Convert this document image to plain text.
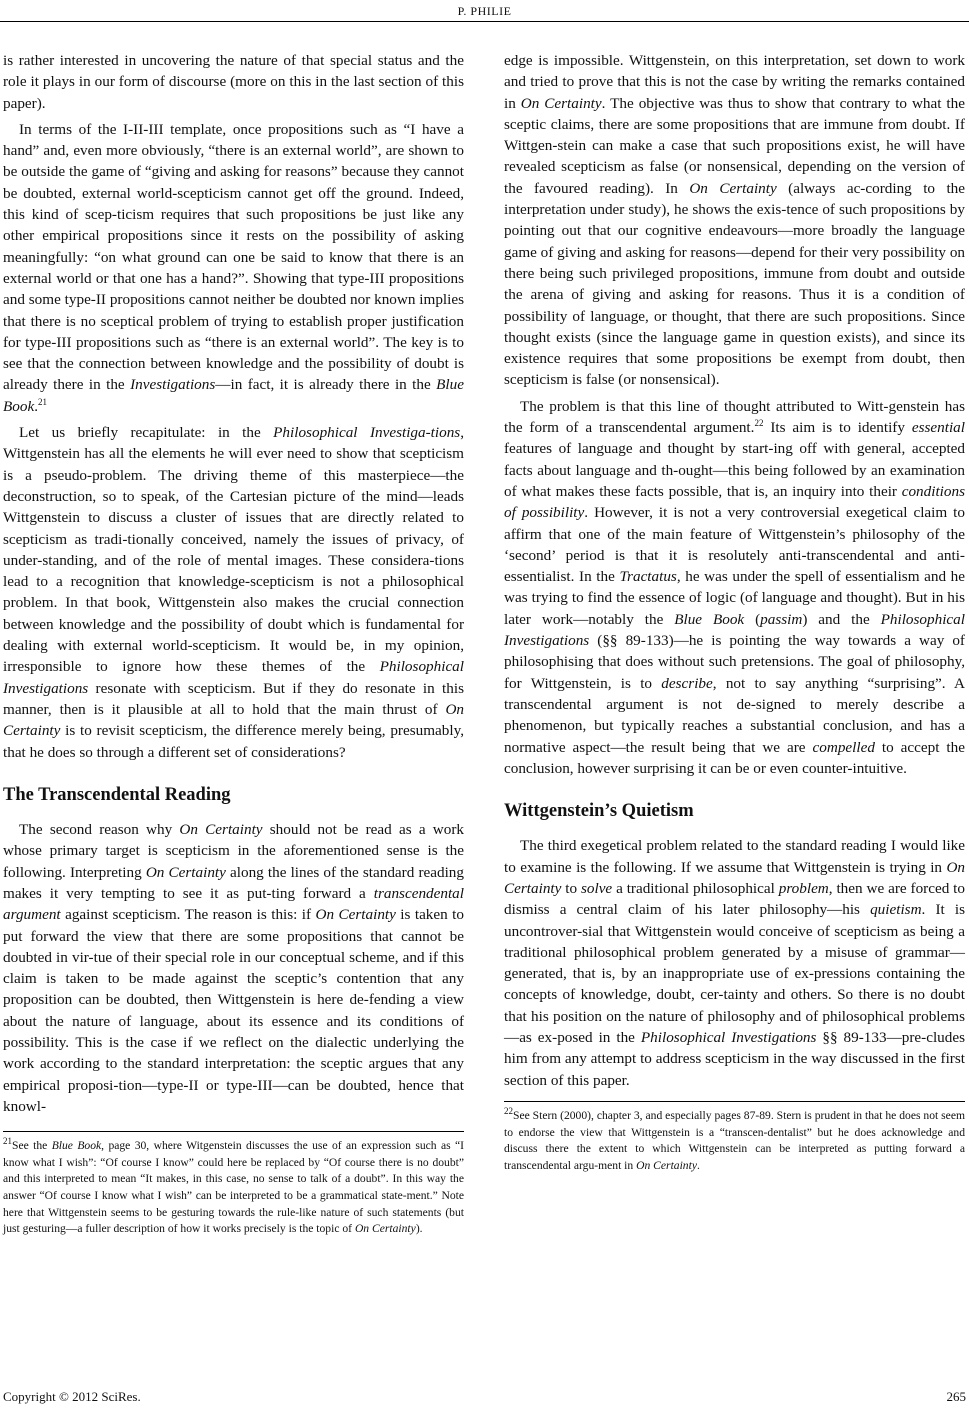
P. PHILIE

is rather interested in uncovering the nature of that special status and the role it plays in our form of discourse (more on this in the last section of this paper).

In terms of the I-II-III template, once propositions such as “I have a hand” and, even more obviously, “there is an external world”, are shown to be outside the game of “giving and asking for reasons” because they cannot be doubted, external world-scepticism cannot get off the ground. Indeed, this kind of scep-ticism requires that such propositions be just like any other empirical propositions since it rests on the possibility of asking meaningfully: “on what ground can one be said to know that there is an external world or that one has a hand?”. Showing that type-III propositions and some type-II propositions cannot neither be doubted nor known implies that there is no sceptical problem of trying to establish proper justification for type-III propositions such as “there is an external world”. The key is to see that the connection between knowledge and the possibility of doubt is already there in the Investigations—in fact, it is already there in the Blue Book.$^{21}$

Let us briefly recapitulate: in the Philosophical Investiga-tions, Wittgenstein has all the elements he will ever need to show that scepticism is a pseudo-problem. The driving theme of this masterpiece—the deconstruction, so to speak, of the Cartesian picture of the mind—leads Wittgenstein to discuss a cluster of issues that are directly related to scepticism as tradi-tionally conceived, namely the issues of privacy, of under-standing, and of the role of mental images. These considera-tions lead to a recognition that knowledge-scepticism is not a philosophical problem. In that book, Wittgenstein also makes the crucial connection between knowledge and the possibility of doubt which is fundamental for dealing with external world-scepticism. It would be, in my opinion, irresponsible to ignore how these themes of the Philosophical Investigations resonate with scepticism. But if they do resonate in this manner, then is it plausible at all to hold that the main thrust of On Certainty is to revisit scepticism, the difference merely being, presumably, that he does so through a different set of considerations?

The Transcendental Reading

The second reason why On Certainty should not be read as a work whose primary target is scepticism in the aforementioned sense is the following. Interpreting On Certainty along the lines of the standard reading makes it very tempting to see it as put-ting forward a transcendental argument against scepticism. The reason is this: if On Certainty is taken to put forward the view that there are some propositions that cannot be doubted in vir-tue of their special role in our conceptual scheme, and if this claim is taken to be made against the sceptic’s contention that any proposition can be doubted, then Wittgenstein is here de-fending a view about the nature of language, about its essence and its conditions of possibility. This is the case if we reflect on the dialectic underlying the work according to the standard interpretation: the sceptic argues that any empirical proposi-tion—type-II or type-III—can be doubted, hence that knowl-

$^{21}$See the Blue Book, page 30, where Witgenstein discusses the use of an expression such as “I know what I wish”: “Of course I know” could here be replaced by “Of course there is no doubt” and this interpreted to mean “It makes, in this case, no sense to talk of a doubt”. In this way the answer “Of course I know what I wish” can be interpreted to be a grammatical state-ment.” Note here that Wittgenstein seems to be gesturing towards the rule-like nature of such statements (but just gesturing—a fuller description of how it works precisely is the topic of On Certainty).

edge is impossible. Wittgenstein, on this interpretation, set down to work and tried to prove that this is not the case by writing the remarks contained in On Certainty. The objective was thus to show that contrary to what the sceptic claims, there are some propositions that are immune from doubt. If Wittgen-stein can make a case that such propositions exist, he will have revealed scepticism as false (or nonsensical, depending on the version of the favoured reading). In On Certainty (always ac-cording to the interpretation under study), he shows the exis-tence of such propositions by pointing out that our cognitive endeavours—more broadly the language game of giving and asking for reasons—depend for their very possibility on there being such privileged propositions, immune from doubt and outside the arena of giving and asking for reasons. Thus it is a condition of possibility of language, or thought, that there are such propositions. Since thought exists (since the language game in question exists), and since its existence requires that some propositions be exempt from doubt, then scepticism is false (or nonsensical).

The problem is that this line of thought attributed to Witt-genstein has the form of a transcendental argument.$^{22}$ Its aim is to identify essential features of language and thought by start-ing off with general, accepted facts about language and th-ought—this being followed by an examination of what makes these facts possible, that is, an inquiry into their conditions of possibility. However, it is not a very controversial exegetical claim to affirm that one of the main feature of Wittgenstein’s philosophy of the ‘second’ period is that it is resolutely anti-transcendental and anti-essentialist. In the Tractatus, he was under the spell of essentialism and he was trying to find the essence of logic (of language and thought). But in his later work—notably the Blue Book (passim) and the Philosophical Investigations (§§ 89-133)—he is pointing the way towards a way of philosophising that does without such pretensions. The goal of philosophy, for Wittgenstein, is to describe, not to say anything “surprising”. A transcendental argument is not de-signed to merely describe a phenomenon, but typically reaches a substantial conclusion, and has a normative aspect—the result being that we are compelled to accept the conclusion, however surprising it can be or even counter-intuitive.

Wittgenstein’s Quietism

The third exegetical problem related to the standard reading I would like to examine is the following. If we assume that Wittgenstein is trying in On Certainty to solve a traditional philosophical problem, then we are forced to dismiss a central claim of his later philosophy—his quietism. It is uncontrover-sial that Wittgenstein would conceive of scepticism as being a traditional philosophical problem generated by a misuse of grammar—generated, that is, by an inappropriate use of ex-pressions containing the concepts of knowledge, doubt, cer-tainty and others. So there is no doubt that his position on the nature of philosophy and of philosophical problems—as ex-posed in the Philosophical Investigations §§ 89-133—pre-cludes him from any attempt to address scepticism in the way discussed in the first section of this paper.

$^{22}$See Stern (2000), chapter 3, and especially pages 87-89. Stern is prudent in that he does not seem to endorse the view that Wittgenstein is a “transcen-dentalist” but he does acknowledge and discuss there the extent to which Wittgenstein can be interpreted as putting forward a transcendental argu-ment in On Certainty.

Copyright © 2012 SciRes.	265
